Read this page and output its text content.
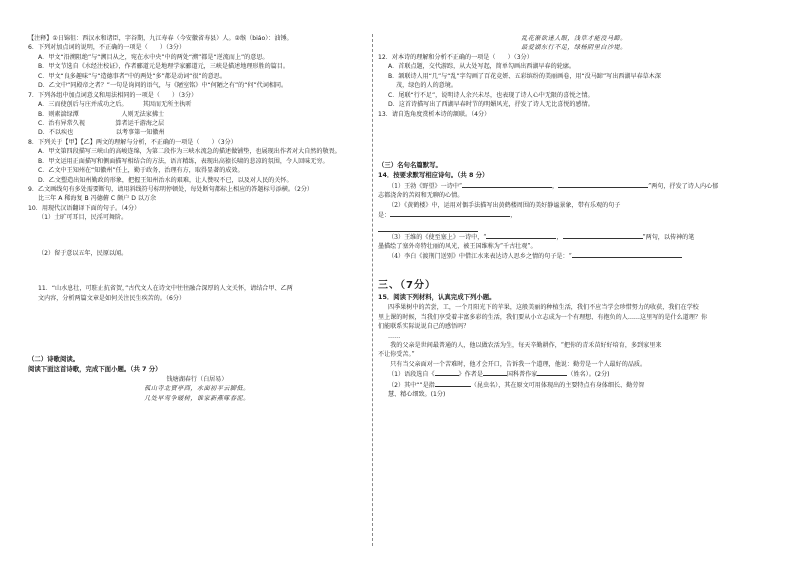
【注释】①日锦徂：西汉永和诸臣，字谷期，九江寿春（今安徽省寿县）人。②缑（biáo）：油锤。
6．下列对加点词的说明，不正确的一项是（　　）（3分）
A．甲文“沿溯阻绝”与“溯目从之，宛在水中央”中的两处“溯”都是“逆流而上”的意思。
B．甲文节选自《水经注校证》，作者郦道元是地理学家郦道元，三峡是描述地理形胜的篇目。
C．甲文“良多趣味”与“造德事者”中的两处“多”都是动词“很”的意思。
D．乙文中“同殿帝之者？”一句是询问的语气，与《陋室铭》中“何陋之有”的“何”代词相同。
7．下列各组中加点词意义和用法相同的一项是（　　）（3分）
A．三而使创后与庄并成功之后。　　　	其因而无所主执听
B．则素湍绿潭　　　　　　　	人则无法家拂士
C．治有异常久视　　　　　	算者运千游海之层
D．不以疾也　　　　　　　	以考事第一知徽州
8．下列关于【甲】【乙】两文的理解与分析，不正确的一项是（　　）（3分）
A．甲文第四段描写三峡山的高峻连绵，为第二段作为三峡水流急的描述做铺垫，也展现出作者对大自然的敬畏。
B．甲文运用正面描写和侧面描写相结合的方法，语言精练，表现出高猿长啸的悲凉的氛围，令人回味无穷。
C．乙文中王知州在“知徽州”任上，勤于政务，治理有方，取得显著的成效。
D．乙文塑造出知州勤政的形象，把握王知州治水的艰难，让人赞叹不已，以及对人民的关怀。
9．乙文画线句有多处需要断句，请用斜线符号标明停顿处，每处断句都标上相应的答题标号添横。（2分）
比三年 A 稀海复 B 冯德俯 C 颇户 D 以万余
10．用现代汉语翻译下面的句子。（4分）
（1）土旷可耳目，民淫可舞阶。
（2）留于意以五年，民原以闻。
11．“山水息壮，可駐止抗省贺，”古代文人在诗文中往往融合深厚的人文关怀，请结合甲、乙两
文内容，分析两篇文章是如何关注民生疾苦的。（6分）
（二）诗歌阅读。
阅读下面这首诗歌，完成下面小题。（共 7 分）
钱塘湖春行（白居易）
孤山寺北贾亭西，水面初平云脚低。
几处早莺争暖树，谁家新燕啄春泥。
乱花渐欲迷人眼，浅草才能没马蹄。
最爱湖东行不足，绿杨阴里白沙堤。
12．对本诗的理解和分析不正确的一项是（　　）（3分）
A．首联点题，交代游踪，从大处写起，简单勾画出西湖早春的轮廓。
B．颔联诗人用“几”与“乱”字勾画了百花竞妍、五彩缤纷的美丽画卷，用“没马蹄”写出西湖早春草木深
　 茂，绿色的人的意境。
C．尾联“行不足”，说明诗人余兴未尽，也表现了诗人心中无限的喜悦之情。
D．这首诗描写出了西湖早春时节的明媚风光，抒发了诗人无比喜悦的感情。
13．请自选角度赏析本诗的颔联。（4分）
（三）名句名篇默写。
14．按要求默写相应诗句。（共 8 分）
（1）王勃《野望》一诗中“	，	”两句，抒发了诗人内心郁
志都浇舍的苦闷和无聊的心情。
（2）《黄鹤楼》中，运用对偶手法描写出黄鹤楼周围的美好静谧景象，带有乐观的句子
是：	，
（3）王维的《使至塞上》一诗中，“	，	”两句，以传神的笔
墨描绘了塞外奇特壮丽的风光，被王国维称为“千古壮观”。
（4）李白《渡荆门送别》中借江水来表达诗人思乡之情的句子是：“
三、（7分）
15．阅读下列材料，认真完成下列小题。
四季果树中的苦尝，工，一个月阳光下的苹果，这般美丽的种植生活，我们不应当学会珍惜努力的收获，我们在学校
里上课的时候，当我们享受着丰富多彩的生活，我们要从小立志成为一个有理想、有抱负的人……这里写的是什么道理？你
们能联系实际说说自己的感悟吗？
……
　　我的父亲是世间最普通的人，他以做农活为生，每天辛勤耕作，“把你的青禾苗好好培育，多到家里来
不让你受苦。”
　　只有当父亲面对一个苦难时，他才会开口，告诉我一个道理，他说：勤劳是一个人最好的品质。
（1）语段选自《	》作者是	国科普作家	（姓名）。(2分)
（2）其中“”是指	（昆虫名），其在原文可用体现出的主要特点有身体细长、勤劳智
慧、精心细致。(1分)
